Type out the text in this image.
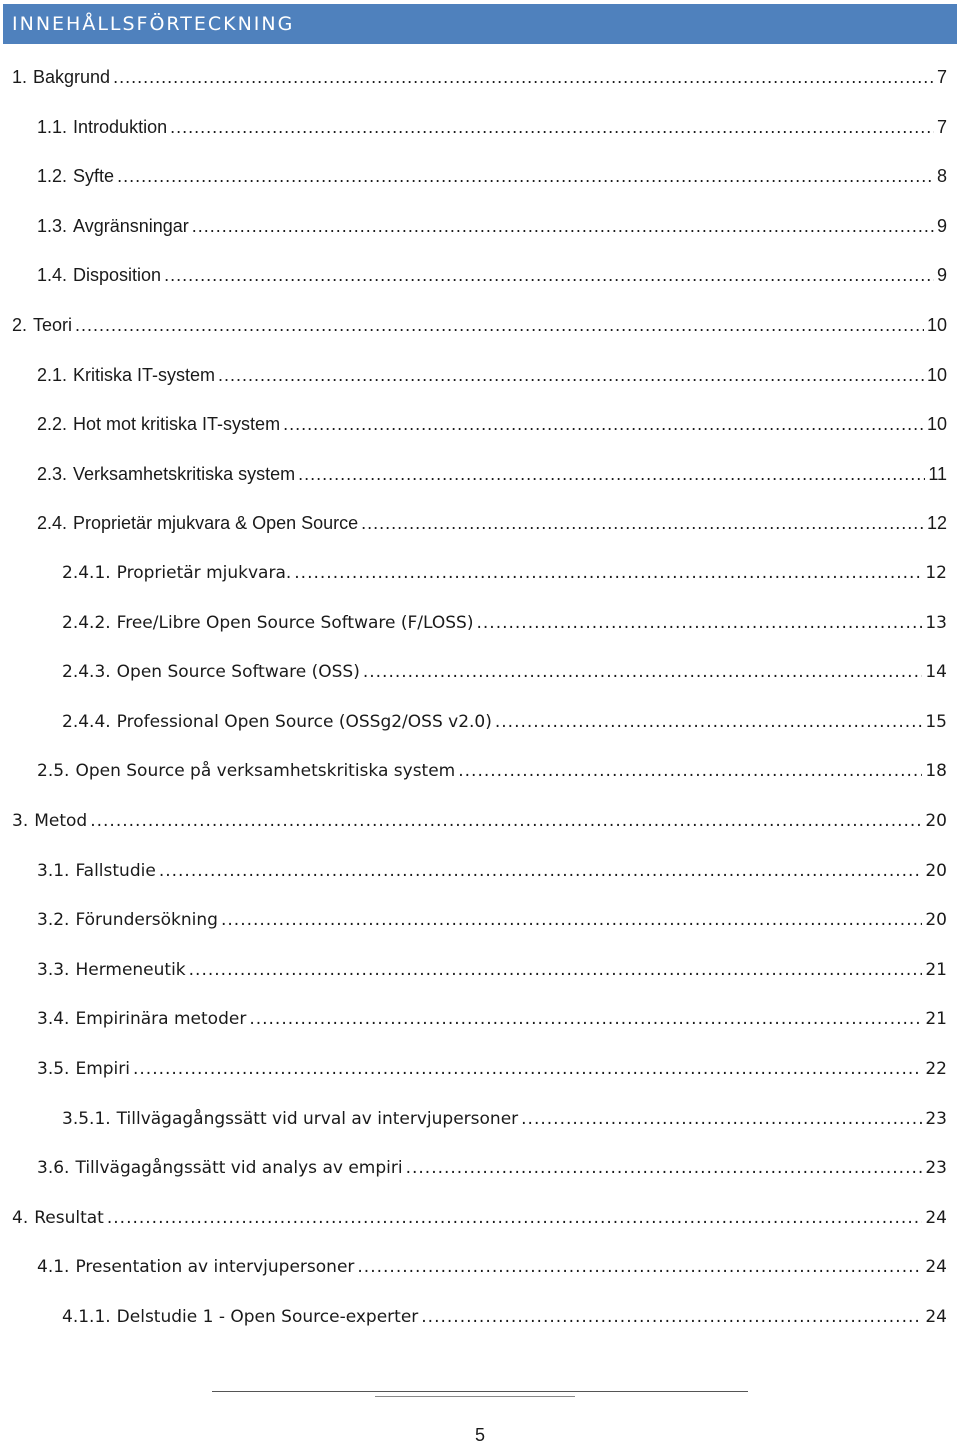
INNEHÅLLSFÖRTECKNING
1. Bakgrund .....	7
1.1. Introduktion .....	7
1.2. Syfte .....	8
1.3. Avgränsningar .....	9
1.4. Disposition .....	9
2. Teori .....	10
2.1. Kritiska IT-system .....	10
2.2. Hot mot kritiska IT-system .....	10
2.3. Verksamhetskritiska system .....	11
2.4. Proprietär mjukvara & Open Source .....	12
2.4.1. Proprietär mjukvara. .....	12
2.4.2. Free/Libre Open Source Software (F/LOSS) .....	13
2.4.3. Open Source Software (OSS) .....	14
2.4.4. Professional Open Source (OSSg2/OSS v2.0) .....	15
2.5. Open Source på verksamhetskritiska system .....	18
3. Metod .....	20
3.1. Fallstudie .....	20
3.2. Förundersökning .....	20
3.3. Hermeneutik .....	21
3.4. Empirinära metoder .....	21
3.5. Empiri .....	22
3.5.1. Tillvägagångssätt vid urval av intervjupersoner .....	23
3.6. Tillvägagångssätt vid analys av empiri .....	23
4. Resultat .....	24
4.1. Presentation av intervjupersoner .....	24
4.1.1. Delstudie 1 - Open Source-experter .....	24
5
